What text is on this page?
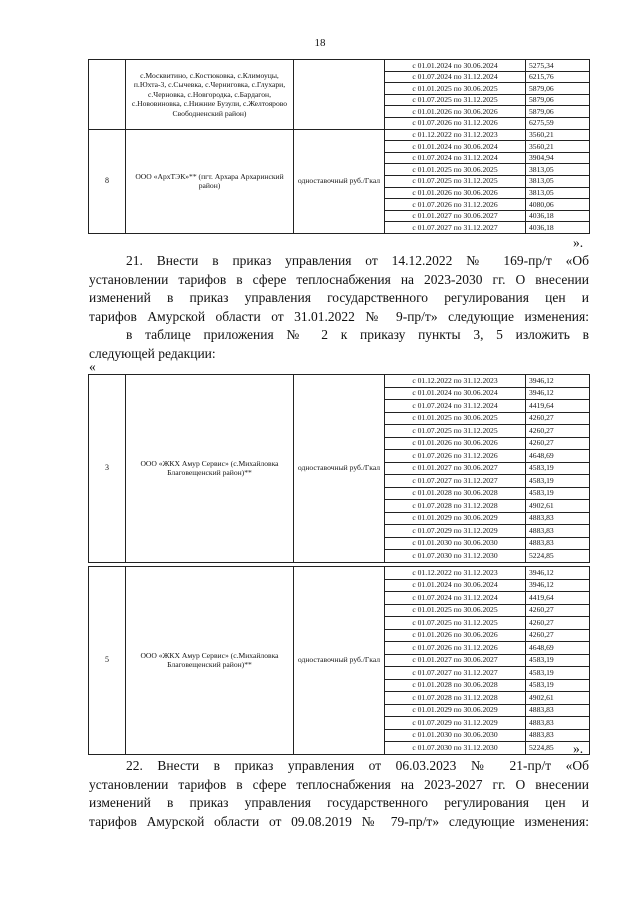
18
	с.Москвитино, с.Костюковка, с.Климоуцы, п.Юхта-3, с.Сычевка, с.Черниговка, с.Глухари, с.Черновка, с.Новгородка, с.Бардагон, с.Нововиновка, с.Нижние Бузули, с.Желтоярово Свободненский район)		с 01.01.2024 по 30.06.2024	5275,34
			с 01.07.2024 по 31.12.2024	6215,76
			с 01.01.2025 по 30.06.2025	5879,06
			с 01.07.2025 по 31.12.2025	5879,06
			с 01.01.2026 по 30.06.2026	5879,06
			с 01.07.2026 по 31.12.2026	6275,59
8	ООО «АрхТЭК»** (пгт. Архара Архаринский район)	одноставочный руб./Гкал	с 01.12.2022 по 31.12.2023	3560,21
			с 01.01.2024 по 30.06.2024	3560,21
			с 01.07.2024 по 31.12.2024	3904,94
			с 01.01.2025 по 30.06.2025	3813,05
			с 01.07.2025 по 31.12.2025	3813,05
			с 01.01.2026 по 30.06.2026	3813,05
			с 01.07.2026 по 31.12.2026	4080,06
			с 01.01.2027 по 30.06.2027	4036,18
			с 01.07.2027 по 31.12.2027	4036,18
».
21. Внести в приказ управления от 14.12.2022 № 169-пр/т «Об
установлении тарифов в сфере теплоснабжения на 2023-2030 гг. О внесении
изменений в приказ управления государственного регулирования цен и
тарифов Амурской области от 31.01.2022 № 9-пр/т» следующие изменения:
в таблице приложения № 2 к приказу пункты 3, 5 изложить в
следующей редакции:
«
3	ООО «ЖКХ Амур Сервис» (с.Михайловка Благовещенский район)**	одноставочный руб./Гкал	с 01.12.2022 по 31.12.2023	3946,12
			с 01.01.2024 по 30.06.2024	3946,12
			с 01.07.2024 по 31.12.2024	4419,64
			с 01.01.2025 по 30.06.2025	4260,27
			с 01.07.2025 по 31.12.2025	4260,27
			с 01.01.2026 по 30.06.2026	4260,27
			с 01.07.2026 по 31.12.2026	4648,69
			с 01.01.2027 по 30.06.2027	4583,19
			с 01.07.2027 по 31.12.2027	4583,19
			с 01.01.2028 по 30.06.2028	4583,19
			с 01.07.2028 по 31.12.2028	4902,61
			с 01.01.2029 по 30.06.2029	4883,83
			с 01.07.2029 по 31.12.2029	4883,83
			с 01.01.2030 по 30.06.2030	4883,83
			с 01.07.2030 по 31.12.2030	5224,85
5	ООО «ЖКХ Амур Сервис» (с.Михайловка Благовещенский район)**	одноставочный руб./Гкал	с 01.12.2022 по 31.12.2023	3946,12
			с 01.01.2024 по 30.06.2024	3946,12
			с 01.07.2024 по 31.12.2024	4419,64
			с 01.01.2025 по 30.06.2025	4260,27
			с 01.07.2025 по 31.12.2025	4260,27
			с 01.01.2026 по 30.06.2026	4260,27
			с 01.07.2026 по 31.12.2026	4648,69
			с 01.01.2027 по 30.06.2027	4583,19
			с 01.07.2027 по 31.12.2027	4583,19
			с 01.01.2028 по 30.06.2028	4583,19
			с 01.07.2028 по 31.12.2028	4902,61
			с 01.01.2029 по 30.06.2029	4883,83
			с 01.07.2029 по 31.12.2029	4883,83
			с 01.01.2030 по 30.06.2030	4883,83
			с 01.07.2030 по 31.12.2030	5224,85 ».
22. Внести в приказ управления от 06.03.2023 № 21-пр/т «Об
установлении тарифов в сфере теплоснабжения на 2023-2027 гг. О внесении
изменений в приказ управления государственного регулирования цен и
тарифов Амурской области от 09.08.2019 № 79-пр/т» следующие изменения:
